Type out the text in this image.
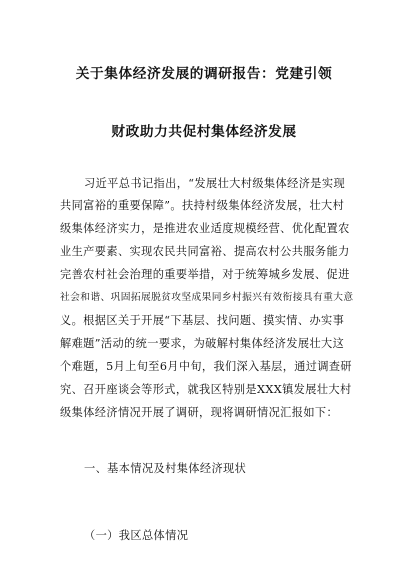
关于集体经济发展的调研报告：党建引领
财政助力共促村集体经济发展
习近平总书记指出，“发展壮大村级集体经济是实现
共同富裕的重要保障”。扶持村级集体经济发展，壮大村
级集体经济实力，是推进农业适度规模经营、优化配置农
业生产要素、实现农民共同富裕、提高农村公共服务能力
完善农村社会治理的重要举措，对于统筹城乡发展、促进
社会和谐、巩固拓展脱贫攻坚成果同乡村振兴有效衔接具有重大意
义。根据区关于开展“下基层、找问题、摸实情、办实事
解难题”活动的统一要求，为破解村集体经济发展壮大这
个难题，5月上旬至6月中旬，我们深入基层，通过调查研
究、召开座谈会等形式，就我区特别是XXX镇发展壮大村
级集体经济情况开展了调研，现将调研情况汇报如下：
一、基本情况及村集体经济现状
（一）我区总体情况
